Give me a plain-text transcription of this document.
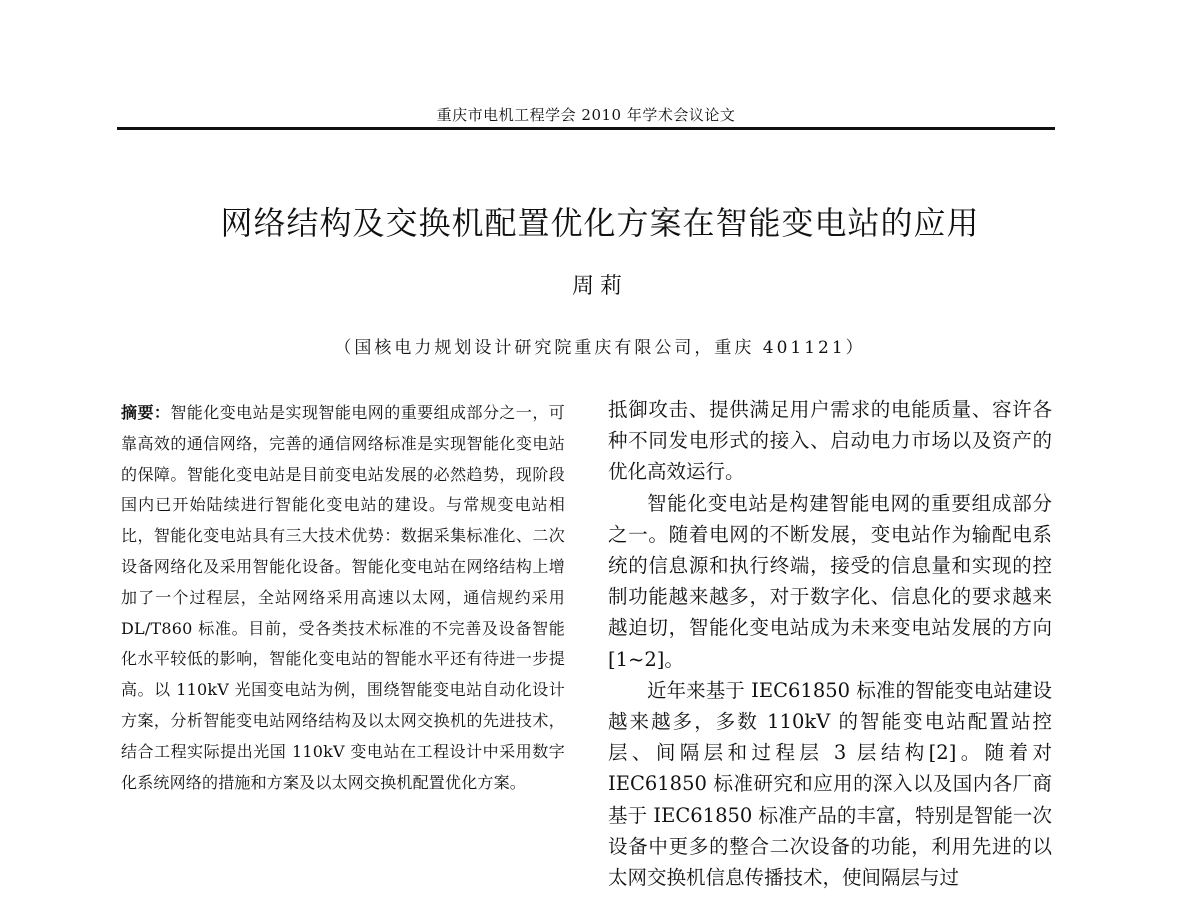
重庆市电机工程学会 2010 年学术会议论文
网络结构及交换机配置优化方案在智能变电站的应用
周莉
（国核电力规划设计研究院重庆有限公司，重庆 401121）
摘要：智能化变电站是实现智能电网的重要组成部分之一，可靠高效的通信网络，完善的通信网络标准是实现智能化变电站的保障。智能化变电站是目前变电站发展的必然趋势，现阶段国内已开始陆续进行智能化变电站的建设。与常规变电站相比，智能化变电站具有三大技术优势：数据采集标准化、二次设备网络化及采用智能化设备。智能化变电站在网络结构上增加了一个过程层，全站网络采用高速以太网，通信规约采用 DL/T860 标准。目前，受各类技术标准的不完善及设备智能化水平较低的影响，智能化变电站的智能水平还有待进一步提高。以 110kV 光国变电站为例，围绕智能变电站自动化设计方案，分析智能变电站网络结构及以太网交换机的先进技术，结合工程实际提出光国 110kV 变电站在工程设计中采用数字化系统网络的措施和方案及以太网交换机配置优化方案。

抵御攻击、提供满足用户需求的电能质量、容许各种不同发电形式的接入、启动电力市场以及资产的优化高效运行。

智能化变电站是构建智能电网的重要组成部分之一。随着电网的不断发展，变电站作为输配电系统的信息源和执行终端，接受的信息量和实现的控制功能越来越多，对于数字化、信息化的要求越来越迫切，智能化变电站成为未来变电站发展的方向[1~2]。

近年来基于 IEC61850 标准的智能变电站建设越来越多，多数 110kV 的智能变电站配置站控层、间隔层和过程层 3 层结构[2]。随着对 IEC61850 标准研究和应用的深入以及国内各厂商基于 IEC61850 标准产品的丰富，特别是智能一次设备中更多的整合二次设备的功能，利用先进的以太网交换机信息传播技术，使间隔层与过
